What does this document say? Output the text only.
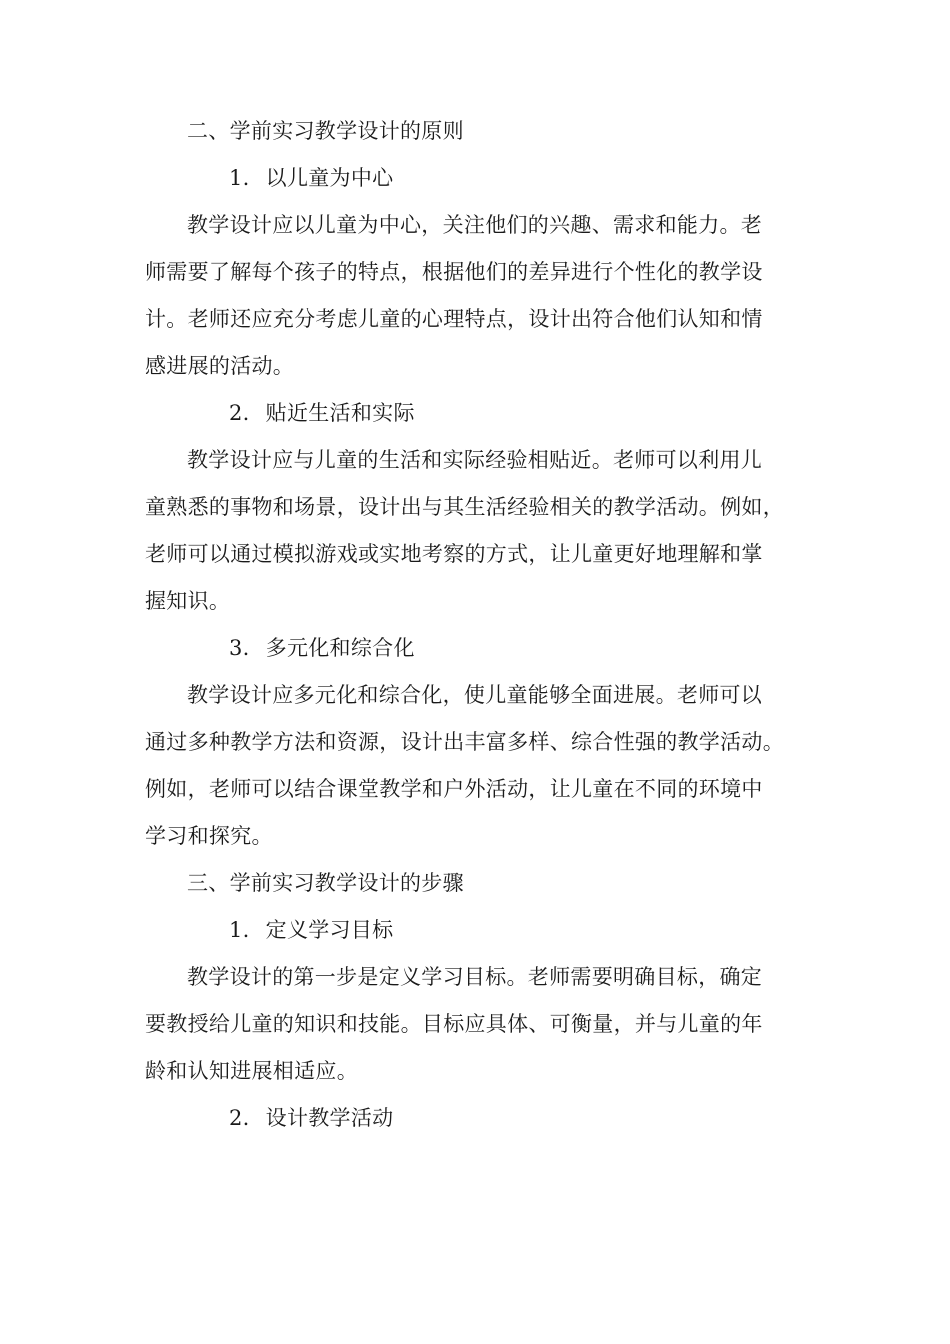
二、学前实习教学设计的原则

1. 以儿童为中心

教学设计应以儿童为中心，关注他们的兴趣、需求和能力。老
师需要了解每个孩子的特点，根据他们的差异进行个性化的教学设
计。老师还应充分考虑儿童的心理特点，设计出符合他们认知和情
感进展的活动。

2. 贴近生活和实际

教学设计应与儿童的生活和实际经验相贴近。老师可以利用儿
童熟悉的事物和场景，设计出与其生活经验相关的教学活动。例如，
老师可以通过模拟游戏或实地考察的方式，让儿童更好地理解和掌
握知识。

3. 多元化和综合化

教学设计应多元化和综合化，使儿童能够全面进展。老师可以
通过多种教学方法和资源，设计出丰富多样、综合性强的教学活动。
例如，老师可以结合课堂教学和户外活动，让儿童在不同的环境中
学习和探究。

三、学前实习教学设计的步骤

1. 定义学习目标

教学设计的第一步是定义学习目标。老师需要明确目标，确定
要教授给儿童的知识和技能。目标应具体、可衡量，并与儿童的年
龄和认知进展相适应。

2. 设计教学活动
